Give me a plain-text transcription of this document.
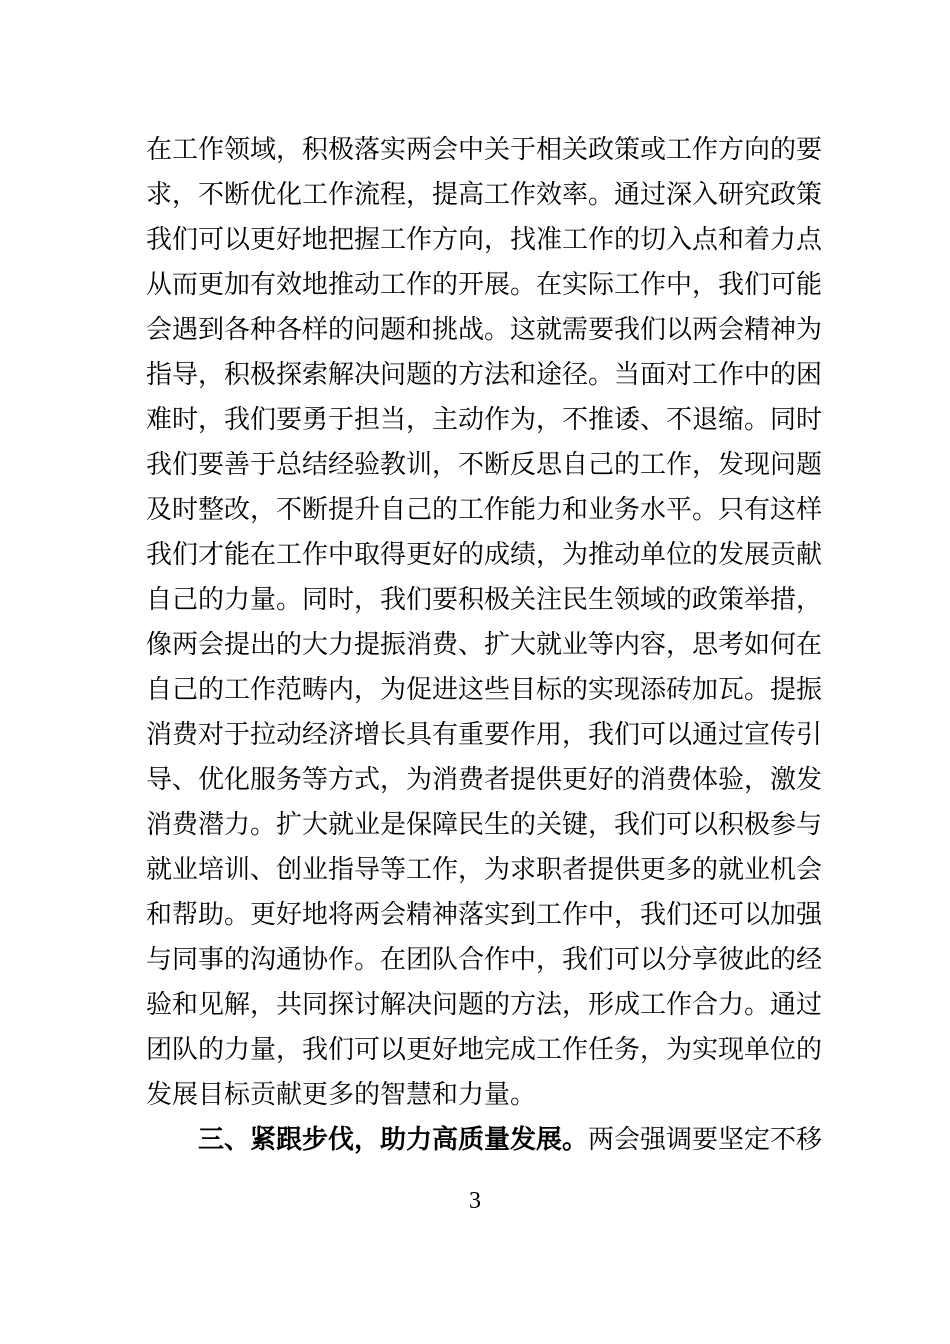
在工作领域，积极落实两会中关于相关政策或工作方向的要
求，不断优化工作流程，提高工作效率。通过深入研究政策
我们可以更好地把握工作方向，找准工作的切入点和着力点
从而更加有效地推动工作的开展。在实际工作中，我们可能
会遇到各种各样的问题和挑战。这就需要我们以两会精神为
指导，积极探索解决问题的方法和途径。当面对工作中的困
难时，我们要勇于担当，主动作为，不推诿、不退缩。同时
我们要善于总结经验教训，不断反思自己的工作，发现问题
及时整改，不断提升自己的工作能力和业务水平。只有这样
我们才能在工作中取得更好的成绩，为推动单位的发展贡献
自己的力量。同时，我们要积极关注民生领域的政策举措，
像两会提出的大力提振消费、扩大就业等内容，思考如何在
自己的工作范畴内，为促进这些目标的实现添砖加瓦。提振
消费对于拉动经济增长具有重要作用，我们可以通过宣传引
导、优化服务等方式，为消费者提供更好的消费体验，激发
消费潜力。扩大就业是保障民生的关键，我们可以积极参与
就业培训、创业指导等工作，为求职者提供更多的就业机会
和帮助。更好地将两会精神落实到工作中，我们还可以加强
与同事的沟通协作。在团队合作中，我们可以分享彼此的经
验和见解，共同探讨解决问题的方法，形成工作合力。通过
团队的力量，我们可以更好地完成工作任务，为实现单位的
发展目标贡献更多的智慧和力量。
三、紧跟步伐，助力高质量发展。两会强调要坚定不移
3
